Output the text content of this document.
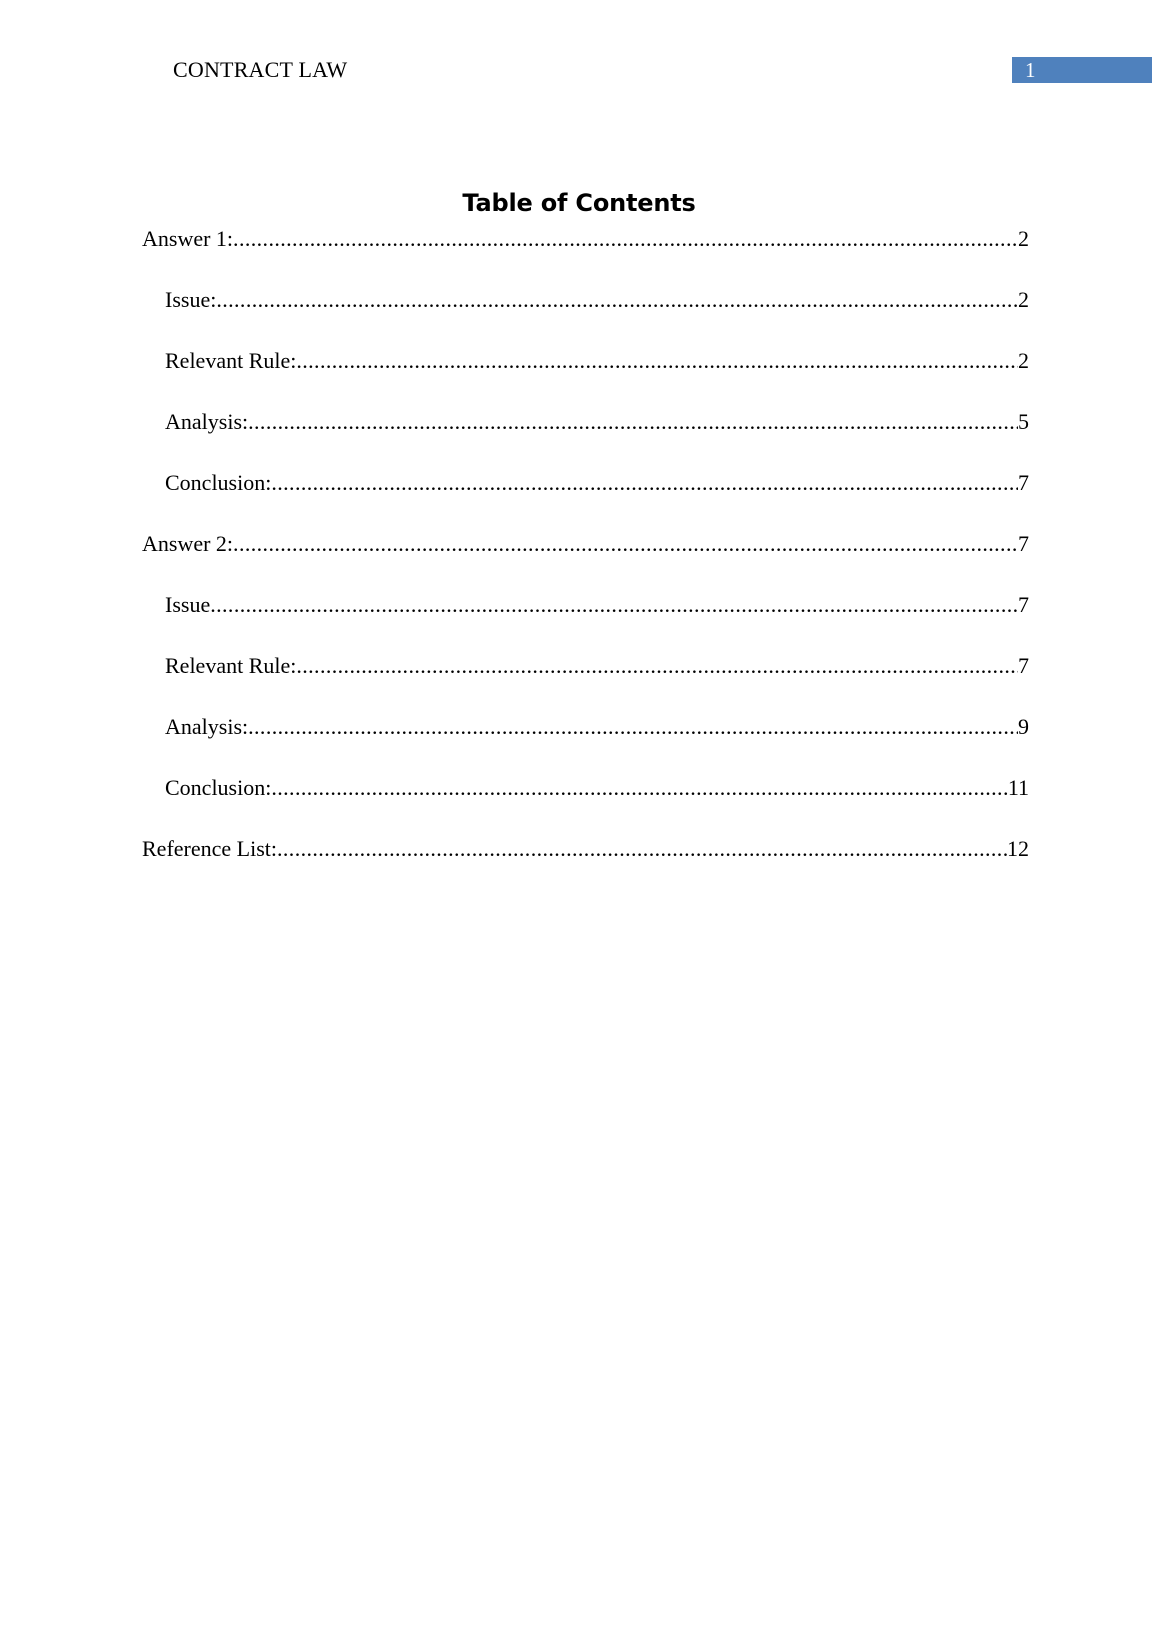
CONTRACT LAW	1
Table of Contents
Answer 1: .....	2
Issue: .....	2
Relevant Rule: .....	2
Analysis: .....	5
Conclusion: .....	7
Answer 2: .....	7
Issue .....	7
Relevant Rule: .....	7
Analysis: .....	9
Conclusion: .....	11
Reference List: .....	12
